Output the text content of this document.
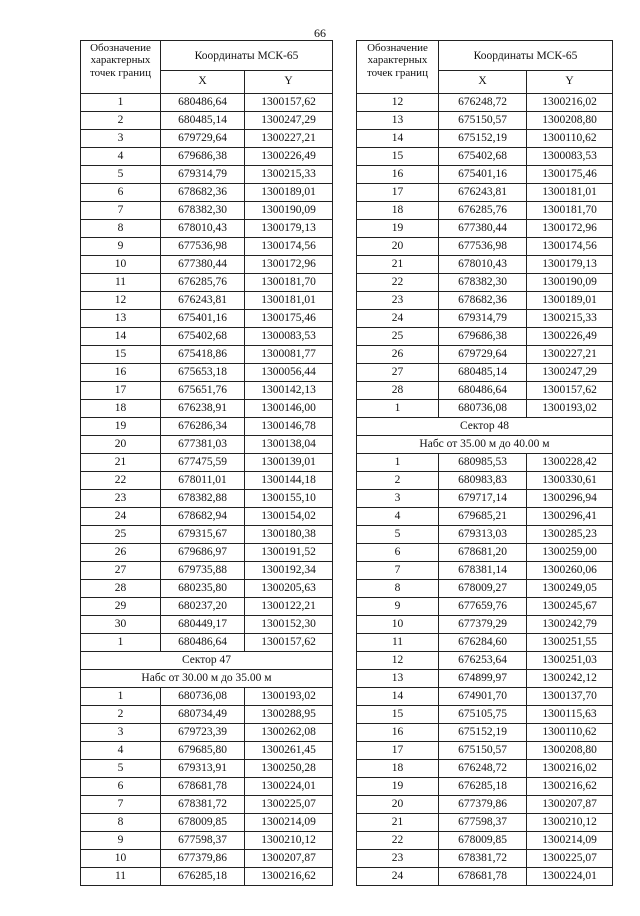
66
Обозначение характерных точек границ	Координаты МСК-65	
	X	Y
1	680486,64	1300157,62
2	680485,14	1300247,29
3	679729,64	1300227,21
4	679686,38	1300226,49
5	679314,79	1300215,33
6	678682,36	1300189,01
7	678382,30	1300190,09
8	678010,43	1300179,13
9	677536,98	1300174,56
10	677380,44	1300172,96
11	676285,76	1300181,70
12	676243,81	1300181,01
13	675401,16	1300175,46
14	675402,68	1300083,53
15	675418,86	1300081,77
16	675653,18	1300056,44
17	675651,76	1300142,13
18	676238,91	1300146,00
19	676286,34	1300146,78
20	677381,03	1300138,04
21	677475,59	1300139,01
22	678011,01	1300144,18
23	678382,88	1300155,10
24	678682,94	1300154,02
25	679315,67	1300180,38
26	679686,97	1300191,52
27	679735,88	1300192,34
28	680235,80	1300205,63
29	680237,20	1300122,21
30	680449,17	1300152,30
1	680486,64	1300157,62
Сектор 47		
Набс от 30.00 м до 35.00 м		
1	680736,08	1300193,02
2	680734,49	1300288,95
3	679723,39	1300262,08
4	679685,80	1300261,45
5	679313,91	1300250,28
6	678681,78	1300224,01
7	678381,72	1300225,07
8	678009,85	1300214,09
9	677598,37	1300210,12
10	677379,86	1300207,87
11	676285,18	1300216,62
Обозначение характерных точек границ	Координаты МСК-65	
	X	Y
12	676248,72	1300216,02
13	675150,57	1300208,80
14	675152,19	1300110,62
15	675402,68	1300083,53
16	675401,16	1300175,46
17	676243,81	1300181,01
18	676285,76	1300181,70
19	677380,44	1300172,96
20	677536,98	1300174,56
21	678010,43	1300179,13
22	678382,30	1300190,09
23	678682,36	1300189,01
24	679314,79	1300215,33
25	679686,38	1300226,49
26	679729,64	1300227,21
27	680485,14	1300247,29
28	680486,64	1300157,62
1	680736,08	1300193,02
Сектор 48		
Набс от 35.00 м до 40.00 м		
1	680985,53	1300228,42
2	680983,83	1300330,61
3	679717,14	1300296,94
4	679685,21	1300296,41
5	679313,03	1300285,23
6	678681,20	1300259,00
7	678381,14	1300260,06
8	678009,27	1300249,05
9	677659,76	1300245,67
10	677379,29	1300242,79
11	676284,60	1300251,55
12	676253,64	1300251,03
13	674899,97	1300242,12
14	674901,70	1300137,70
15	675105,75	1300115,63
16	675152,19	1300110,62
17	675150,57	1300208,80
18	676248,72	1300216,02
19	676285,18	1300216,62
20	677379,86	1300207,87
21	677598,37	1300210,12
22	678009,85	1300214,09
23	678381,72	1300225,07
24	678681,78	1300224,01
